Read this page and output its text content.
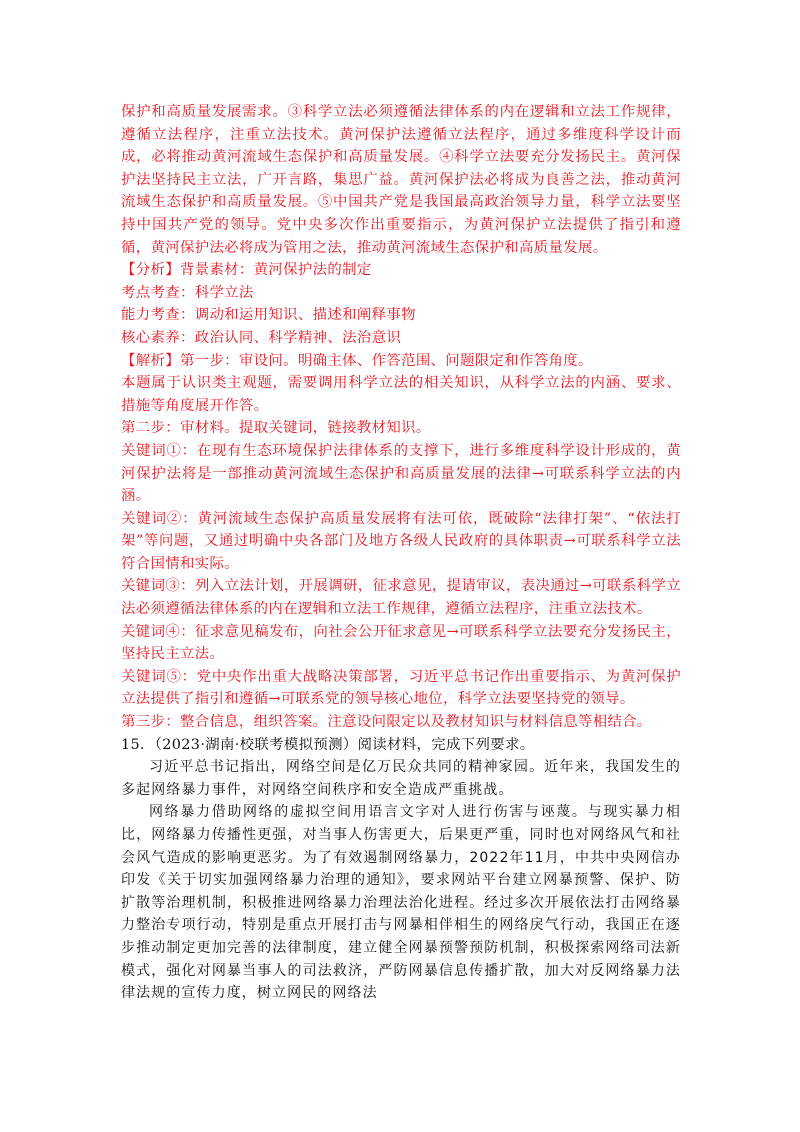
保护和高质量发展需求。③科学立法必须遵循法律体系的内在逻辑和立法工作规律，遵循立法程序，注重立法技术。黄河保护法遵循立法程序，通过多维度科学设计而成，必将推动黄河流域生态保护和高质量发展。④科学立法要充分发扬民主。黄河保护法坚持民主立法，广开言路，集思广益。黄河保护法必将成为良善之法，推动黄河流域生态保护和高质量发展。⑤中国共产党是我国最高政治领导力量，科学立法要坚持中国共产党的领导。党中央多次作出重要指示，为黄河保护立法提供了指引和遵循，黄河保护法必将成为管用之法，推动黄河流域生态保护和高质量发展。

【分析】背景素材：黄河保护法的制定

考点考查：科学立法

能力考查：调动和运用知识、描述和阐释事物

核心素养：政治认同、科学精神、法治意识

【解析】第一步：审设问。明确主体、作答范围、问题限定和作答角度。

本题属于认识类主观题，需要调用科学立法的相关知识，从科学立法的内涵、要求、措施等角度展开作答。

第二步：审材料。提取关键词，链接教材知识。

关键词①：在现有生态环境保护法律体系的支撑下，进行多维度科学设计形成的，黄河保护法将是一部推动黄河流域生态保护和高质量发展的法律→可联系科学立法的内涵。

关键词②：黄河流域生态保护高质量发展将有法可依，既破除“法律打架”、“依法打架”等问题，又通过明确中央各部门及地方各级人民政府的具体职责→可联系科学立法符合国情和实际。

关键词③：列入立法计划，开展调研，征求意见，提请审议，表决通过→可联系科学立法必须遵循法律体系的内在逻辑和立法工作规律，遵循立法程序，注重立法技术。

关键词④：征求意见稿发布，向社会公开征求意见→可联系科学立法要充分发扬民主，坚持民主立法。

关键词⑤：党中央作出重大战略决策部署，习近平总书记作出重要指示、为黄河保护立法提供了指引和遵循→可联系党的领导核心地位，科学立法要坚持党的领导。

第三步：整合信息，组织答案。注意设问限定以及教材知识与材料信息等相结合。

15．（2023·湖南·校联考模拟预测）阅读材料，完成下列要求。

习近平总书记指出，网络空间是亿万民众共同的精神家园。近年来，我国发生的多起网络暴力事件，对网络空间秩序和安全造成严重挑战。

网络暴力借助网络的虚拟空间用语言文字对人进行伤害与诬蔑。与现实暴力相比，网络暴力传播性更强，对当事人伤害更大，后果更严重，同时也对网络风气和社会风气造成的影响更恶劣。为了有效遏制网络暴力，2022年11月，中共中央网信办印发《关于切实加强网络暴力治理的通知》，要求网站平台建立网暴预警、保护、防扩散等治理机制，积极推进网络暴力治理法治化进程。经过多次开展依法打击网络暴力整治专项行动，特别是重点开展打击与网暴相伴相生的网络戾气行动，我国正在逐步推动制定更加完善的法律制度，建立健全网暴预警预防机制，积极探索网络司法新模式，强化对网暴当事人的司法救济，严防网暴信息传播扩散，加大对反网络暴力法律法规的宣传力度，树立网民的网络法
